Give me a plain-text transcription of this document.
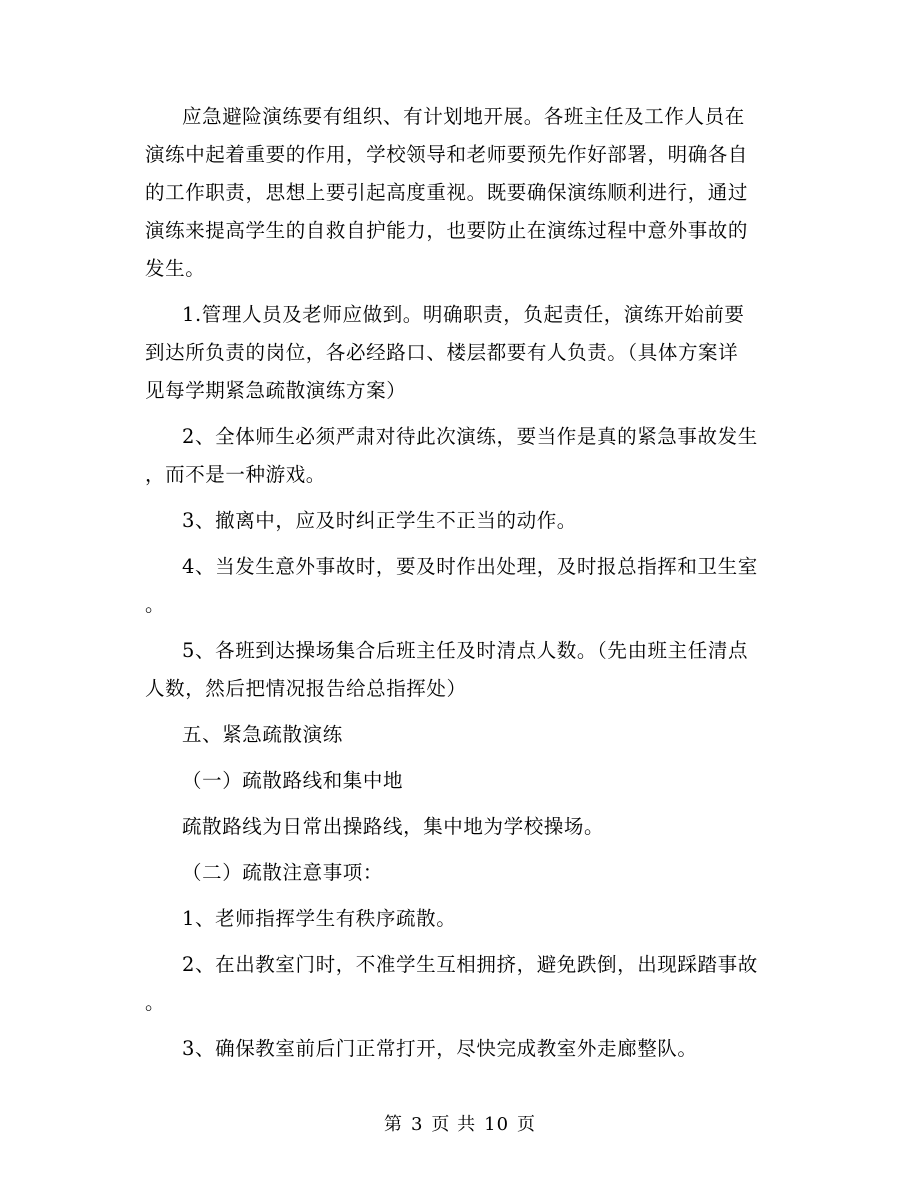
应急避险演练要有组织、有计划地开展。各班主任及工作人员在
演练中起着重要的作用，学校领导和老师要预先作好部署，明确各自
的工作职责，思想上要引起高度重视。既要确保演练顺利进行，通过
演练来提高学生的自救自护能力，也要防止在演练过程中意外事故的
发生。
1.管理人员及老师应做到。明确职责，负起责任，演练开始前要
到达所负责的岗位，各必经路口、楼层都要有人负责。（具体方案详
见每学期紧急疏散演练方案）
2、全体师生必须严肃对待此次演练，要当作是真的紧急事故发生
，而不是一种游戏。
3、撤离中，应及时纠正学生不正当的动作。
4、当发生意外事故时，要及时作出处理，及时报总指挥和卫生室
。
5、各班到达操场集合后班主任及时清点人数。（先由班主任清点
人数，然后把情况报告给总指挥处）
五、紧急疏散演练
（一）疏散路线和集中地
疏散路线为日常出操路线，集中地为学校操场。
（二）疏散注意事项：
1、老师指挥学生有秩序疏散。
2、在出教室门时，不准学生互相拥挤，避免跌倒，出现踩踏事故
。
3、确保教室前后门正常打开，尽快完成教室外走廊整队。
第 3 页 共 10 页
